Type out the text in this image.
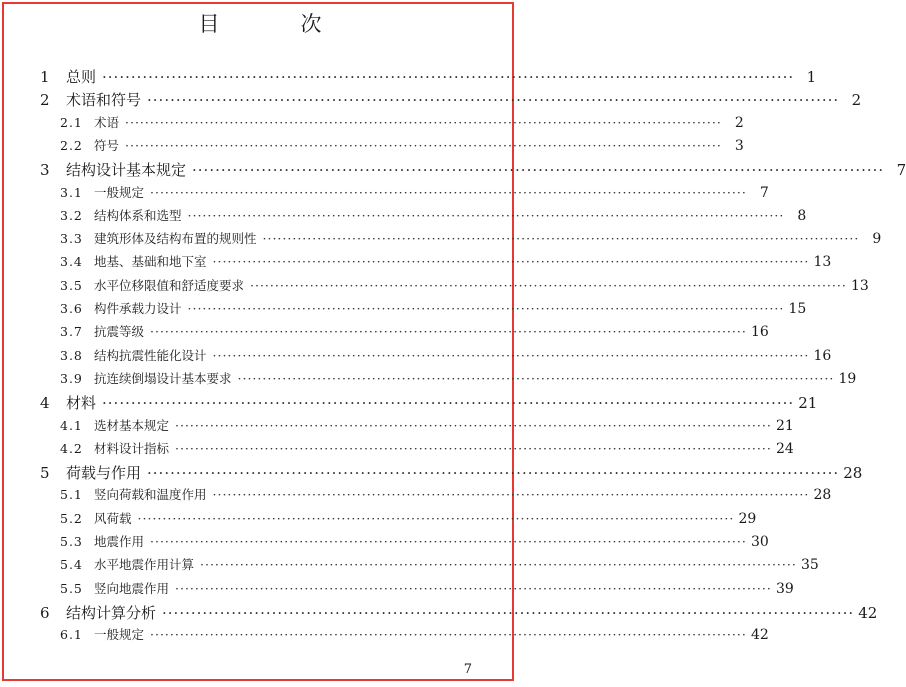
目　次
1	总则 ························································································································ 1
2	术语和符号 ························································································································ 2
2.1 术语 ························································································································ 2
2.2 符号 ························································································································ 3
3	结构设计基本规定 ························································································································ 7
3.1 一般规定 ························································································································ 7
3.2 结构体系和选型 ························································································································ 8
3.3 建筑形体及结构布置的规则性 ························································································································ 9
3.4 地基、基础和地下室 ························································································································ 13
3.5 水平位移限值和舒适度要求 ························································································································ 13
3.6 构件承载力设计 ························································································································ 15
3.7 抗震等级 ························································································································ 16
3.8 结构抗震性能化设计 ························································································································ 16
3.9 抗连续倒塌设计基本要求 ························································································································ 19
4	材料 ························································································································ 21
4.1 选材基本规定 ························································································································ 21
4.2 材料设计指标 ························································································································ 24
5	荷载与作用 ························································································································ 28
5.1 竖向荷载和温度作用 ························································································································ 28
5.2 风荷载 ························································································································ 29
5.3 地震作用 ························································································································ 30
5.4 水平地震作用计算 ························································································································ 35
5.5 竖向地震作用 ························································································································ 39
6	结构计算分析 ························································································································ 42
6.1 一般规定 ························································································································ 42
7
